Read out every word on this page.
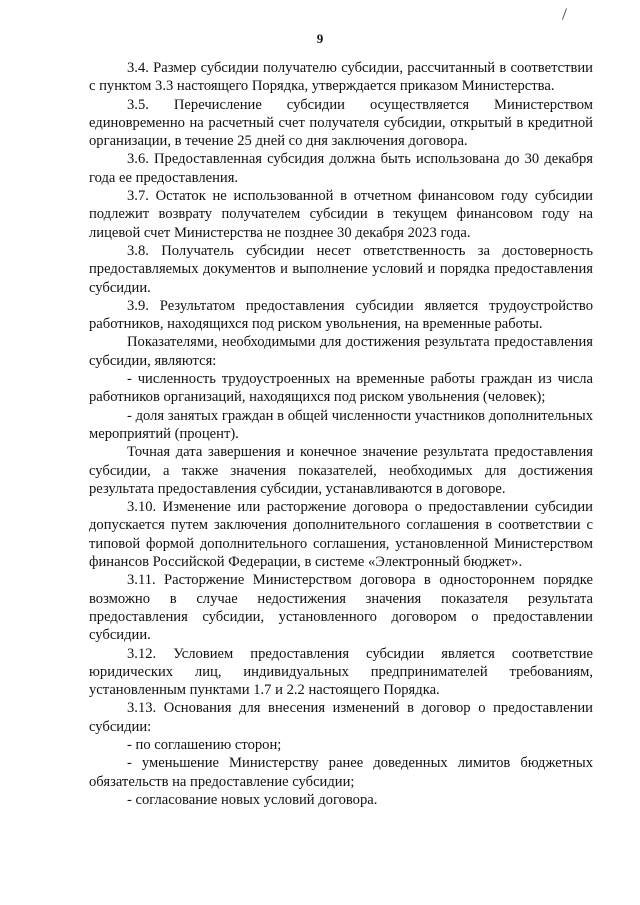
9

3.4. Размер субсидии получателю субсидии, рассчитанный в соответствии с пунктом 3.3 настоящего Порядка, утверждается приказом Министерства.

3.5. Перечисление субсидии осуществляется Министерством единовременно на расчетный счет получателя субсидии, открытый в кредитной организации, в течение 25 дней со дня заключения договора.

3.6. Предоставленная субсидия должна быть использована до 30 декабря года ее предоставления.

3.7. Остаток не использованной в отчетном финансовом году субсидии подлежит возврату получателем субсидии в текущем финансовом году на лицевой счет Министерства не позднее 30 декабря 2023 года.

3.8. Получатель субсидии несет ответственность за достоверность предоставляемых документов и выполнение условий и порядка предоставления субсидии.

3.9. Результатом предоставления субсидии является трудоустройство работников, находящихся под риском увольнения, на временные работы.

Показателями, необходимыми для достижения результата предоставления субсидии, являются:

- численность трудоустроенных на временные работы граждан из числа работников организаций, находящихся под риском увольнения (человек);

- доля занятых граждан в общей численности участников дополнительных мероприятий (процент).

Точная дата завершения и конечное значение результата предоставления субсидии, а также значения показателей, необходимых для достижения результата предоставления субсидии, устанавливаются в договоре.

3.10. Изменение или расторжение договора о предоставлении субсидии допускается путем заключения дополнительного соглашения в соответствии с типовой формой дополнительного соглашения, установленной Министерством финансов Российской Федерации, в системе «Электронный бюджет».

3.11. Расторжение Министерством договора в одностороннем порядке возможно в случае недостижения значения показателя результата предоставления субсидии, установленного договором о предоставлении субсидии.

3.12. Условием предоставления субсидии является соответствие юридических лиц, индивидуальных предпринимателей требованиям, установленным пунктами 1.7 и 2.2 настоящего Порядка.

3.13. Основания для внесения изменений в договор о предоставлении субсидии:

- по соглашению сторон;

- уменьшение Министерству ранее доведенных лимитов бюджетных обязательств на предоставление субсидии;

- согласование новых условий договора.
